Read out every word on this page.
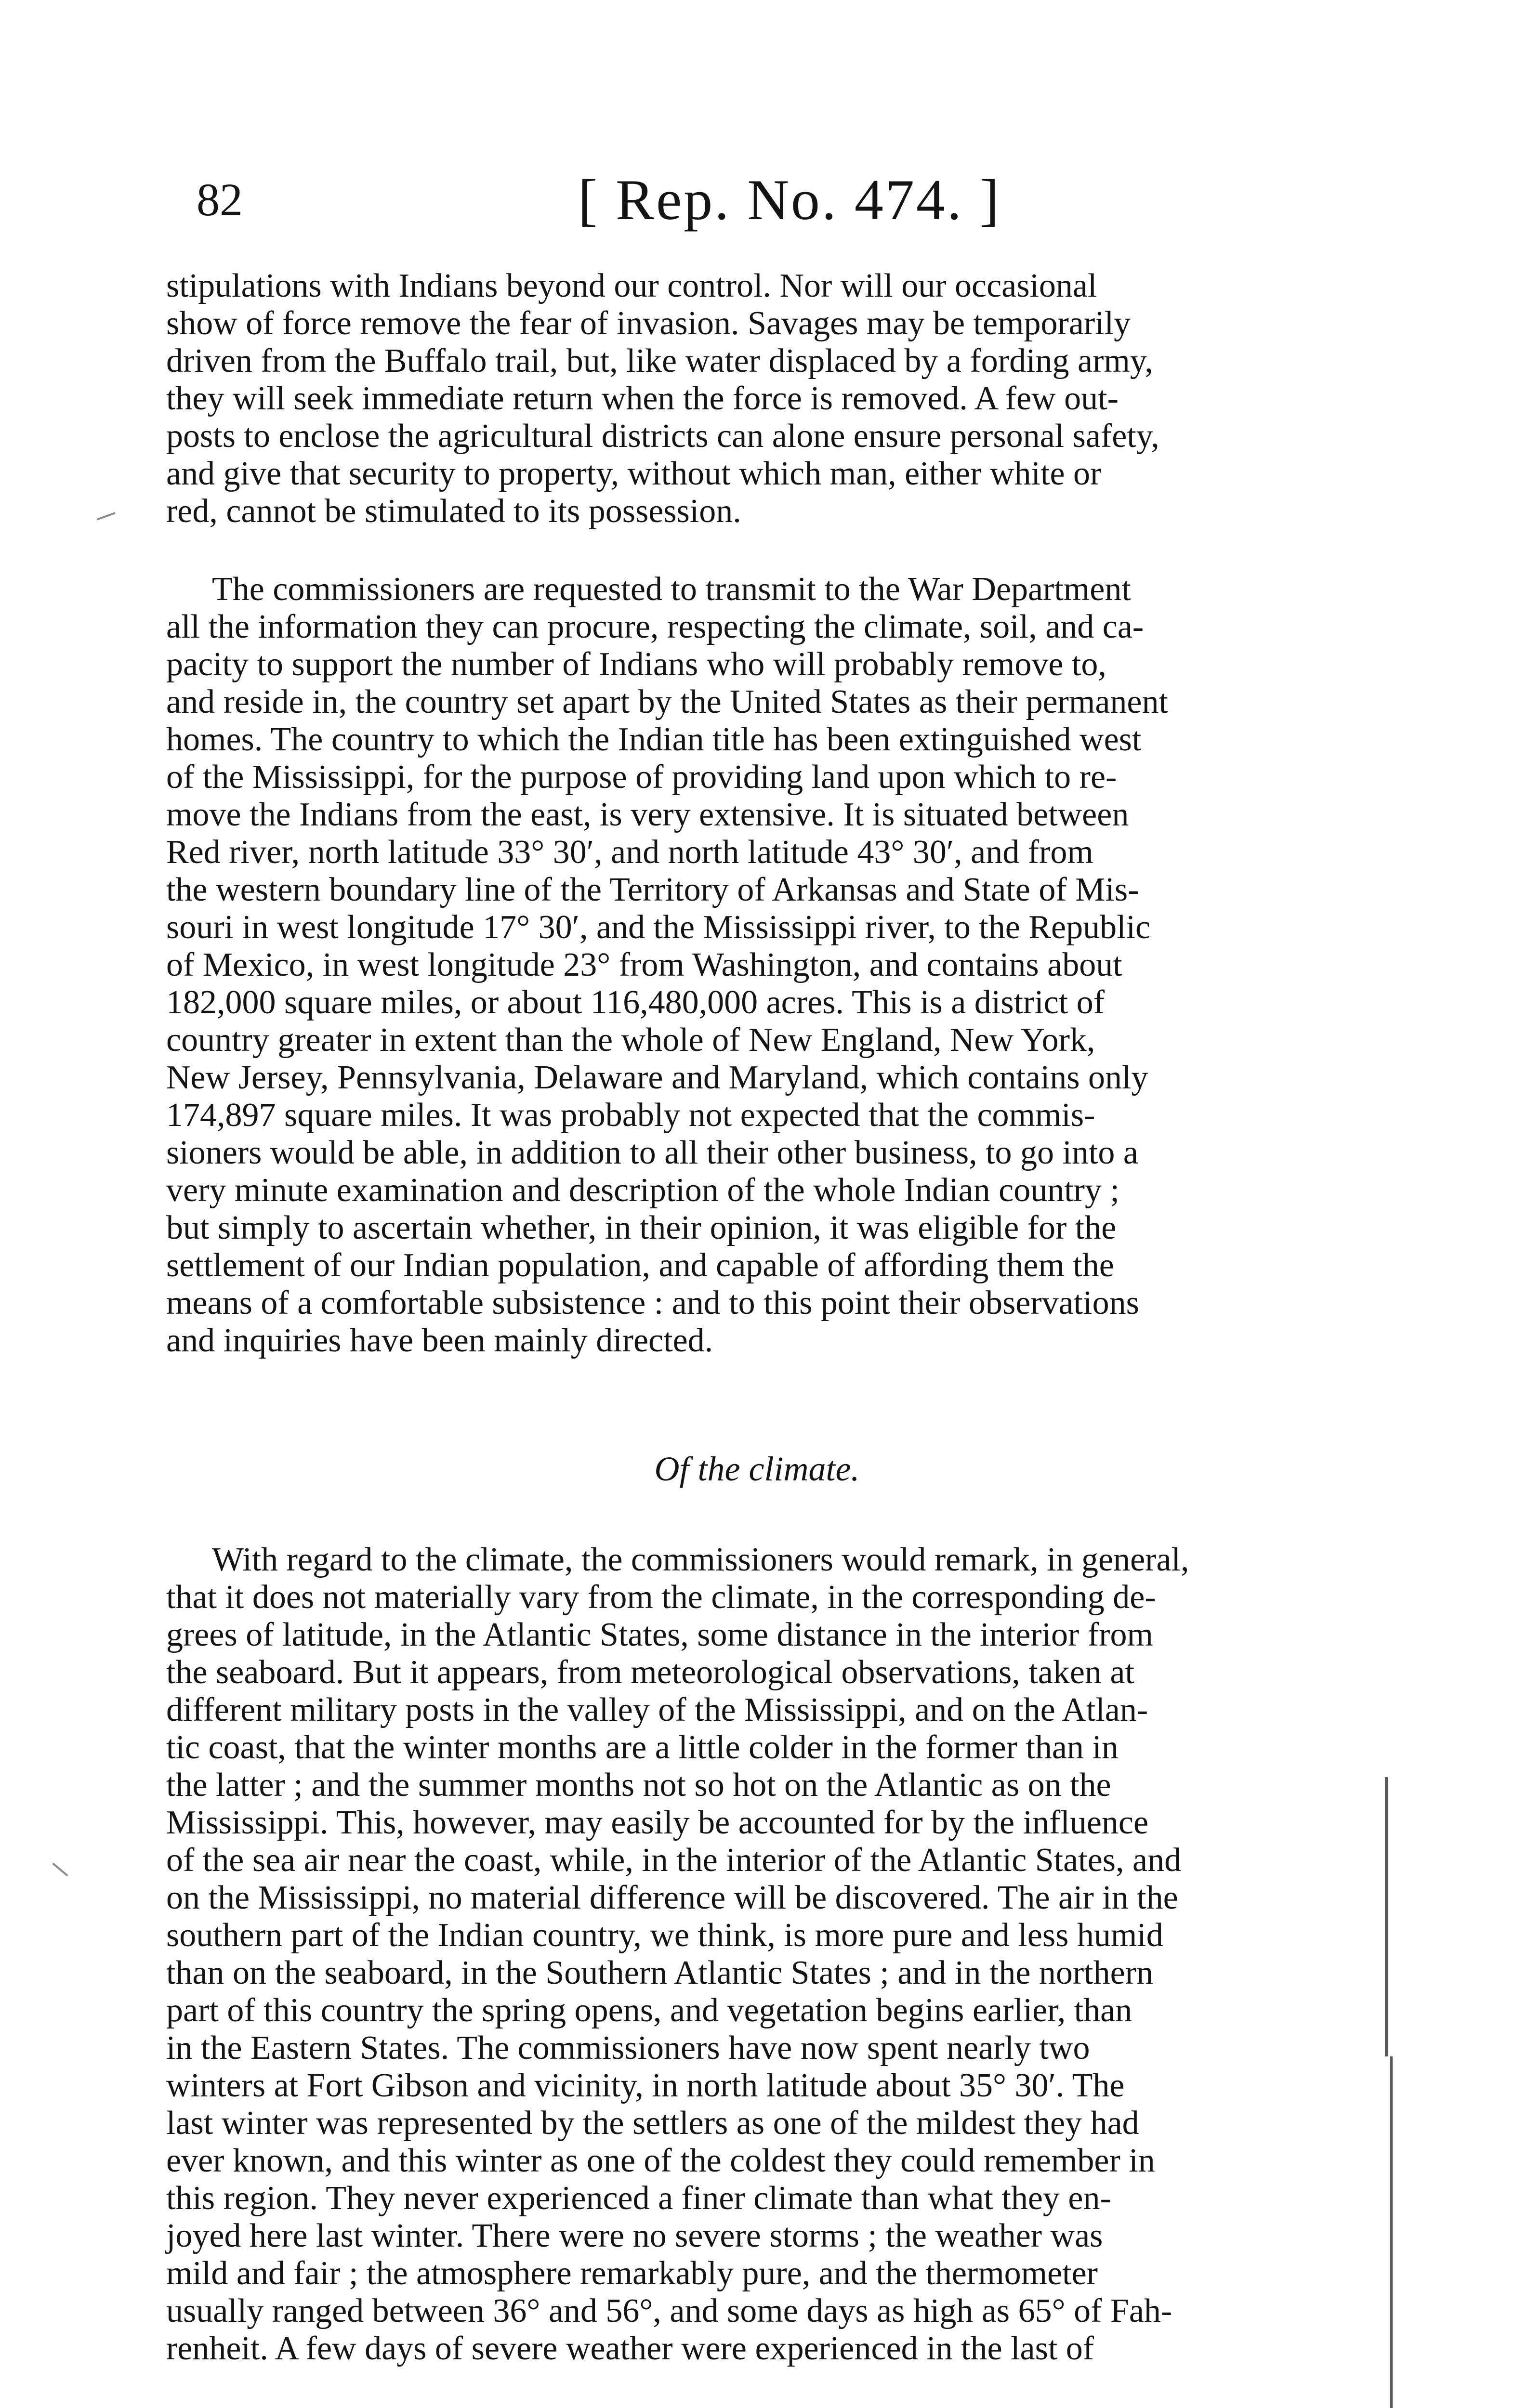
82	[ Rep. No. 474. ]

stipulations with Indians beyond our control. Nor will our occasional

show of force remove the fear of invasion. Savages may be temporarily

driven from the Buffalo trail, but, like water displaced by a fording army,

they will seek immediate return when the force is removed. A few out-

posts to enclose the agricultural districts can alone ensure personal safety,

and give that security to property, without which man, either white or

red, cannot be stimulated to its possession.

The commissioners are requested to transmit to the War Department

all the information they can procure, respecting the climate, soil, and ca-

pacity to support the number of Indians who will probably remove to,

and reside in, the country set apart by the United States as their permanent

homes. The country to which the Indian title has been extinguished west

of the Mississippi, for the purpose of providing land upon which to re-

move the Indians from the east, is very extensive. It is situated between

Red river, north latitude 33° 30′, and north latitude 43° 30′, and from

the western boundary line of the Territory of Arkansas and State of Mis-

souri in west longitude 17° 30′, and the Mississippi river, to the Republic

of Mexico, in west longitude 23° from Washington, and contains about

182,000 square miles, or about 116,480,000 acres. This is a district of

country greater in extent than the whole of New England, New York,

New Jersey, Pennsylvania, Delaware and Maryland, which contains only

174,897 square miles. It was probably not expected that the commis-

sioners would be able, in addition to all their other business, to go into a

very minute examination and description of the whole Indian country ;

but simply to ascertain whether, in their opinion, it was eligible for the

settlement of our Indian population, and capable of affording them the

means of a comfortable subsistence : and to this point their observations

and inquiries have been mainly directed.

Of the climate.

With regard to the climate, the commissioners would remark, in general,

that it does not materially vary from the climate, in the corresponding de-

grees of latitude, in the Atlantic States, some distance in the interior from

the seaboard. But it appears, from meteorological observations, taken at

different military posts in the valley of the Mississippi, and on the Atlan-

tic coast, that the winter months are a little colder in the former than in

the latter ; and the summer months not so hot on the Atlantic as on the

Mississippi. This, however, may easily be accounted for by the influence

of the sea air near the coast, while, in the interior of the Atlantic States, and

on the Mississippi, no material difference will be discovered. The air in the

southern part of the Indian country, we think, is more pure and less humid

than on the seaboard, in the Southern Atlantic States ; and in the northern

part of this country the spring opens, and vegetation begins earlier, than

in the Eastern States. The commissioners have now spent nearly two

winters at Fort Gibson and vicinity, in north latitude about 35° 30′. The

last winter was represented by the settlers as one of the mildest they had

ever known, and this winter as one of the coldest they could remember in

this region. They never experienced a finer climate than what they en-

joyed here last winter. There were no severe storms ; the weather was

mild and fair ; the atmosphere remarkably pure, and the thermometer

usually ranged between 36° and 56°, and some days as high as 65° of Fah-

renheit. A few days of severe weather were experienced in the last of
